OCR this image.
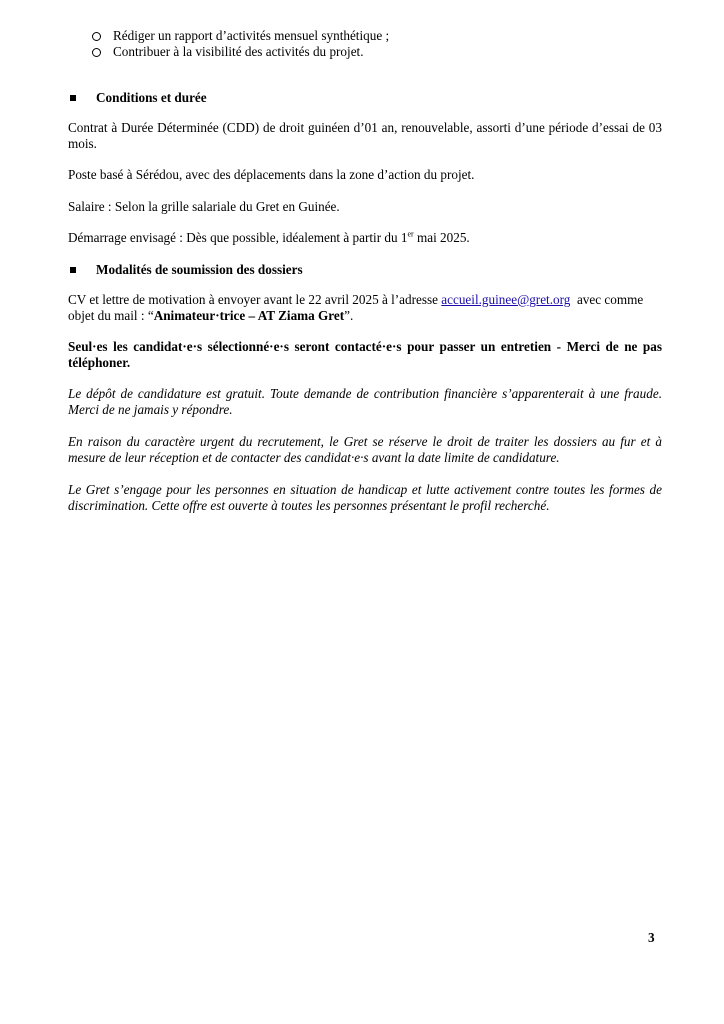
Rédiger un rapport d’activités mensuel synthétique ;
Contribuer à la visibilité des activités du projet.
Conditions et durée
Contrat à Durée Déterminée (CDD) de droit guinéen d’01 an, renouvelable, assorti d’une période d’essai de 03
mois.
Poste basé à Sérédou, avec des déplacements dans la zone d’action du projet.
Salaire : Selon la grille salariale du Gret en Guinée.
Démarrage envisagé : Dès que possible, idéalement à partir du 1er mai 2025.
Modalités de soumission des dossiers
CV et lettre de motivation à envoyer avant le 22 avril 2025 à l’adresse accueil.guinee@gret.org avec comme
objet du mail : “Animateur·trice – AT Ziama Gret”.
Seul·es les candidat·e·s sélectionné·e·s seront contacté·e·s pour passer un entretien - Merci de ne pas
téléphoner.
Le dépôt de candidature est gratuit. Toute demande de contribution financière s’apparenterait à une fraude.
Merci de ne jamais y répondre.
En raison du caractère urgent du recrutement, le Gret se réserve le droit de traiter les dossiers au fur et à
mesure de leur réception et de contacter des candidat·e·s avant la date limite de candidature.
Le Gret s’engage pour les personnes en situation de handicap et lutte activement contre toutes les formes de
discrimination. Cette offre est ouverte à toutes les personnes présentant le profil recherché.
3
